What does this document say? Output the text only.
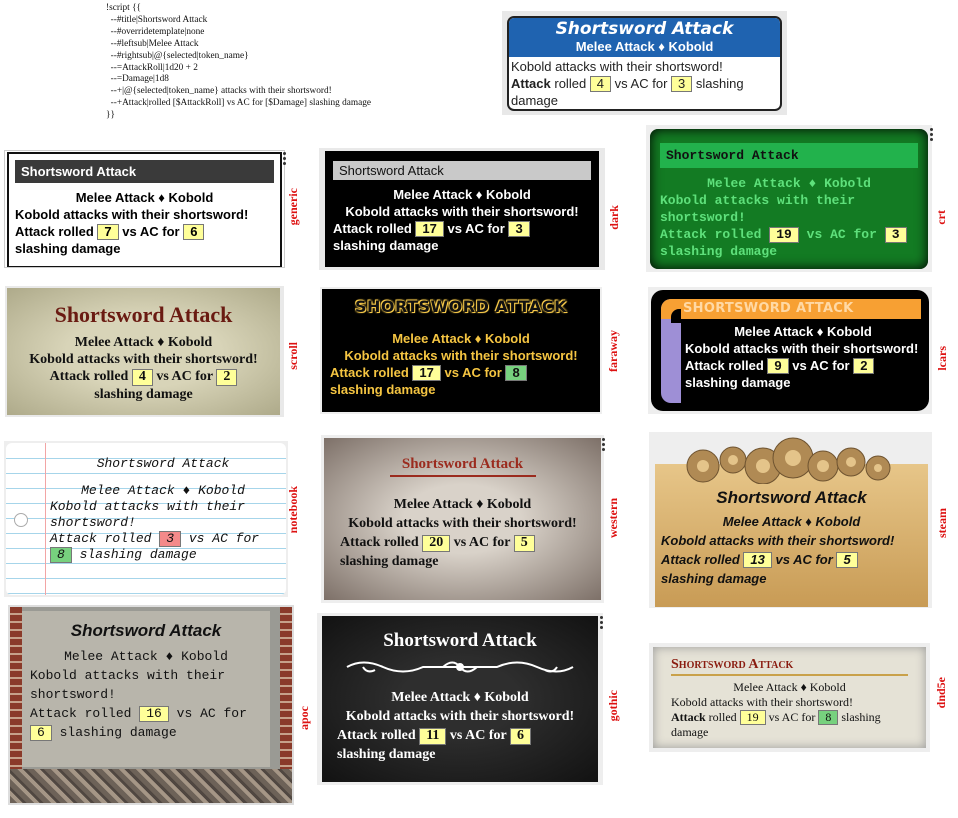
!script {{
--#title|Shortsword Attack
--#overridetemplate|none
--#leftsub|Melee Attack
--#rightsub|@{selected|token_name}
--=AttackRoll|1d20 + 2
--=Damage|1d8
--+|@{selected|token_name} attacks with their shortsword!
--+Attack|rolled [$AttackRoll] vs AC for [$Damage] slashing damage
}}
Shortsword Attack
Melee Attack ♦ Kobold
Kobold attacks with their shortsword!
Attack rolled 4 vs AC for 3 slashing damage
Shortsword Attack
Melee Attack ♦ Kobold
Kobold attacks with their shortsword!
Attack rolled 7 vs AC for 6
slashing damage
generic
Shortsword Attack
Melee Attack ♦ Kobold
Kobold attacks with their shortsword!
Attack rolled 17 vs AC for 3
slashing damage
dark
Shortsword Attack
Melee Attack ♦ Kobold
Kobold attacks with their shortsword!
Attack rolled 19 vs AC for 3
slashing damage
crt
Shortsword Attack
Melee Attack ♦ Kobold
Kobold attacks with their shortsword!
Attack rolled 4 vs AC for 2
slashing damage
scroll
SHORTSWORD ATTACK
Melee Attack ♦ Kobold
Kobold attacks with their shortsword!
Attack rolled 17 vs AC for 8
slashing damage
faraway
SHORTSWORD ATTACK
Melee Attack ♦ Kobold
Kobold attacks with their shortsword!
Attack rolled 9 vs AC for 2
slashing damage
lcars
Shortsword Attack
Melee Attack ♦ Kobold
Kobold attacks with their shortsword!
Attack rolled 3 vs AC for 8 slashing damage
notebook
Shortsword Attack
Melee Attack ♦ Kobold
Kobold attacks with their shortsword!
Attack rolled 20 vs AC for 5
slashing damage
western
Shortsword Attack
Melee Attack ♦ Kobold
Kobold attacks with their shortsword!
Attack rolled 13 vs AC for 5
slashing damage
steam
Shortsword Attack
Melee Attack ♦ Kobold
Kobold attacks with their shortsword!
Attack rolled 16 vs AC for 6 slashing damage
apoc
Shortsword Attack
Melee Attack ♦ Kobold
Kobold attacks with their shortsword!
Attack rolled 11 vs AC for 6
slashing damage
gothic
Shortsword Attack
Melee Attack ♦ Kobold
Kobold attacks with their shortsword!
Attack rolled 19 vs AC for 8 slashing damage
dnd5e
